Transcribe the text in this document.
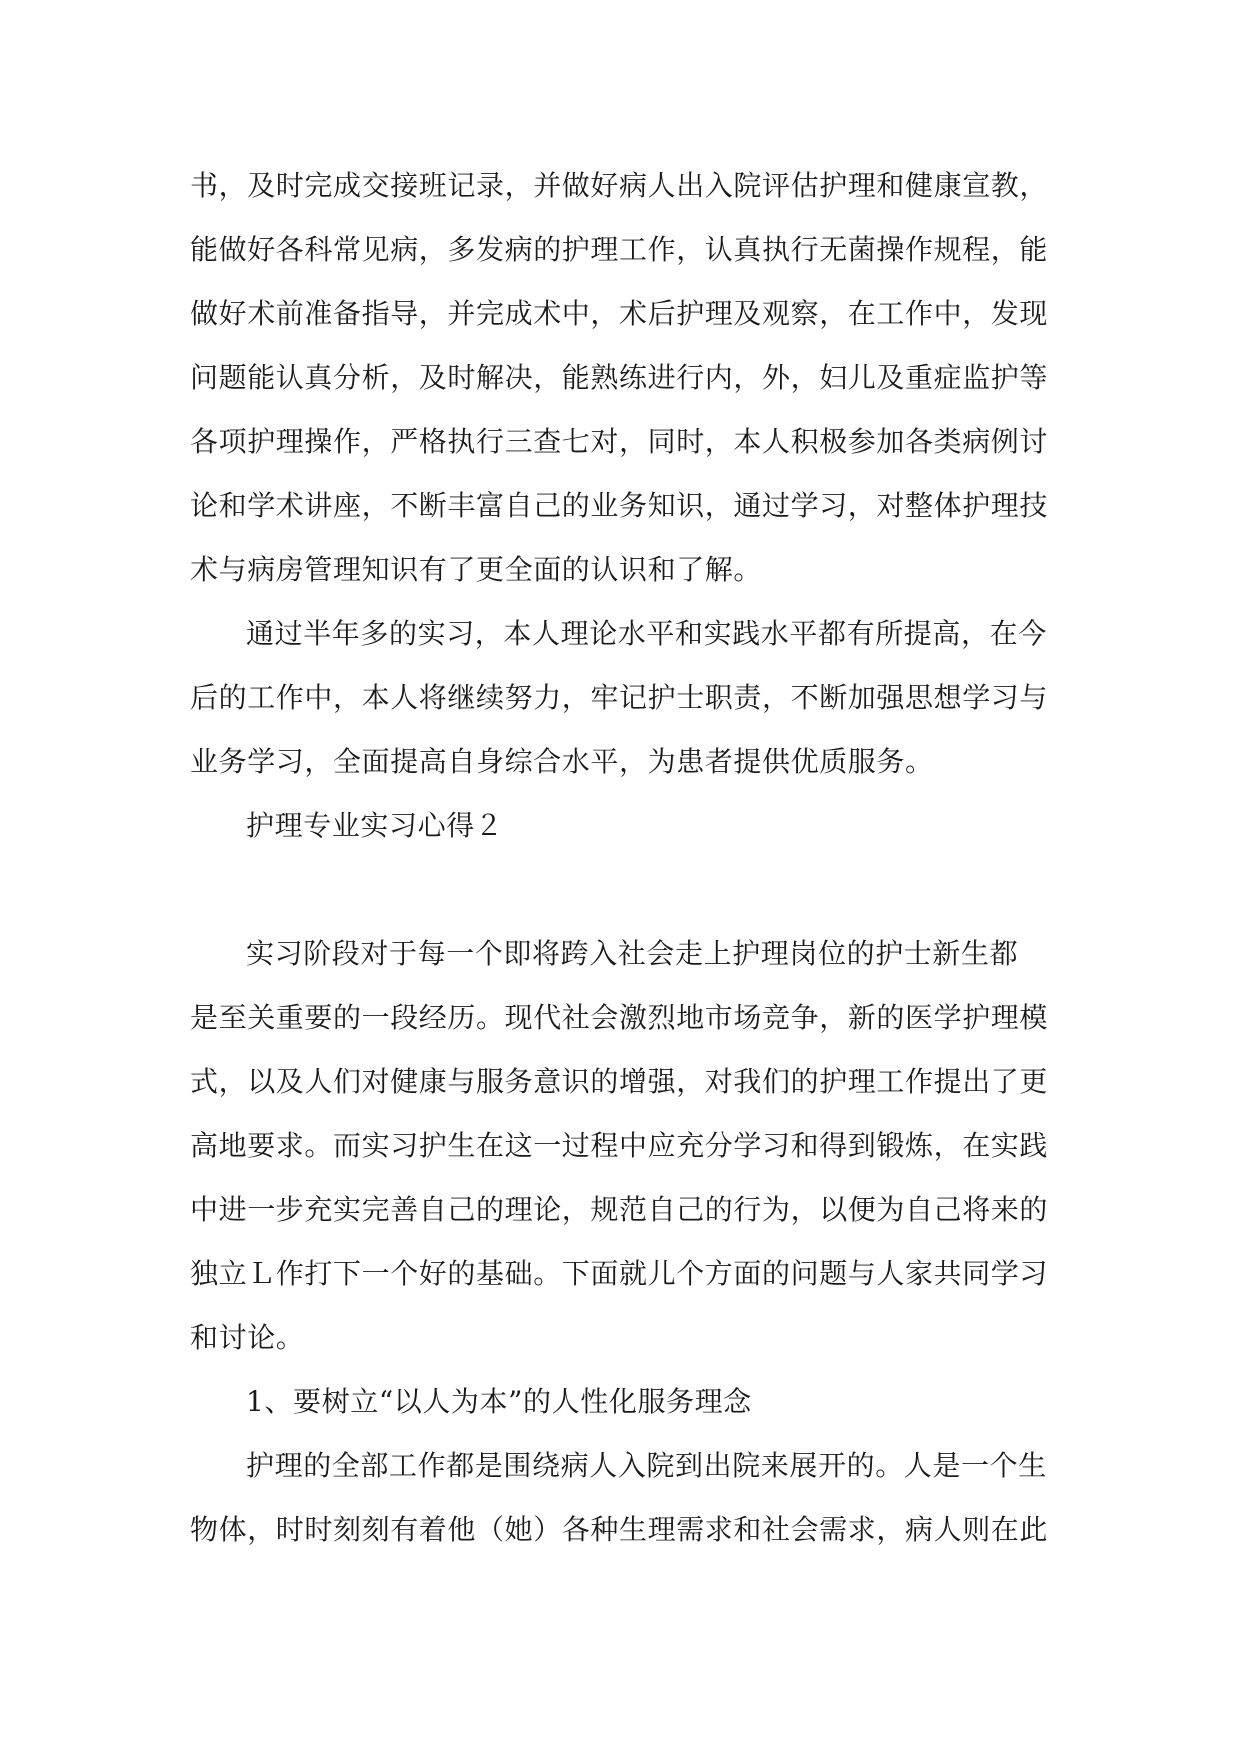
书，及时完成交接班记录，并做好病人出入院评估护理和健康宣教，
能做好各科常见病，多发病的护理工作，认真执行无菌操作规程，能
做好术前准备指导，并完成术中，术后护理及观察，在工作中，发现
问题能认真分析，及时解决，能熟练进行内，外，妇儿及重症监护等
各项护理操作，严格执行三查七对，同时，本人积极参加各类病例讨
论和学术讲座，不断丰富自己的业务知识，通过学习，对整体护理技
术与病房管理知识有了更全面的认识和了解。
通过半年多的实习，本人理论水平和实践水平都有所提高，在今
后的工作中，本人将继续努力，牢记护士职责，不断加强思想学习与
业务学习，全面提高自身综合水平，为患者提供优质服务。
护理专业实习心得２
实习阶段对于每一个即将跨入社会走上护理岗位的护士新生都
是至关重要的一段经历。现代社会激烈地市场竞争，新的医学护理模
式，以及人们对健康与服务意识的增强，对我们的护理工作提出了更
高地要求。而实习护生在这一过程中应充分学习和得到锻炼，在实践
中进一步充实完善自己的理论，规范自己的行为，以便为自己将来的
独立Ｌ作打下一个好的基础。下面就儿个方面的问题与人家共同学习
和讨论。
1、要树立“以人为本”的人性化服务理念
护理的全部工作都是围绕病人入院到出院来展开的。人是一个生
物体，时时刻刻有着他（她）各种生理需求和社会需求，病人则在此
